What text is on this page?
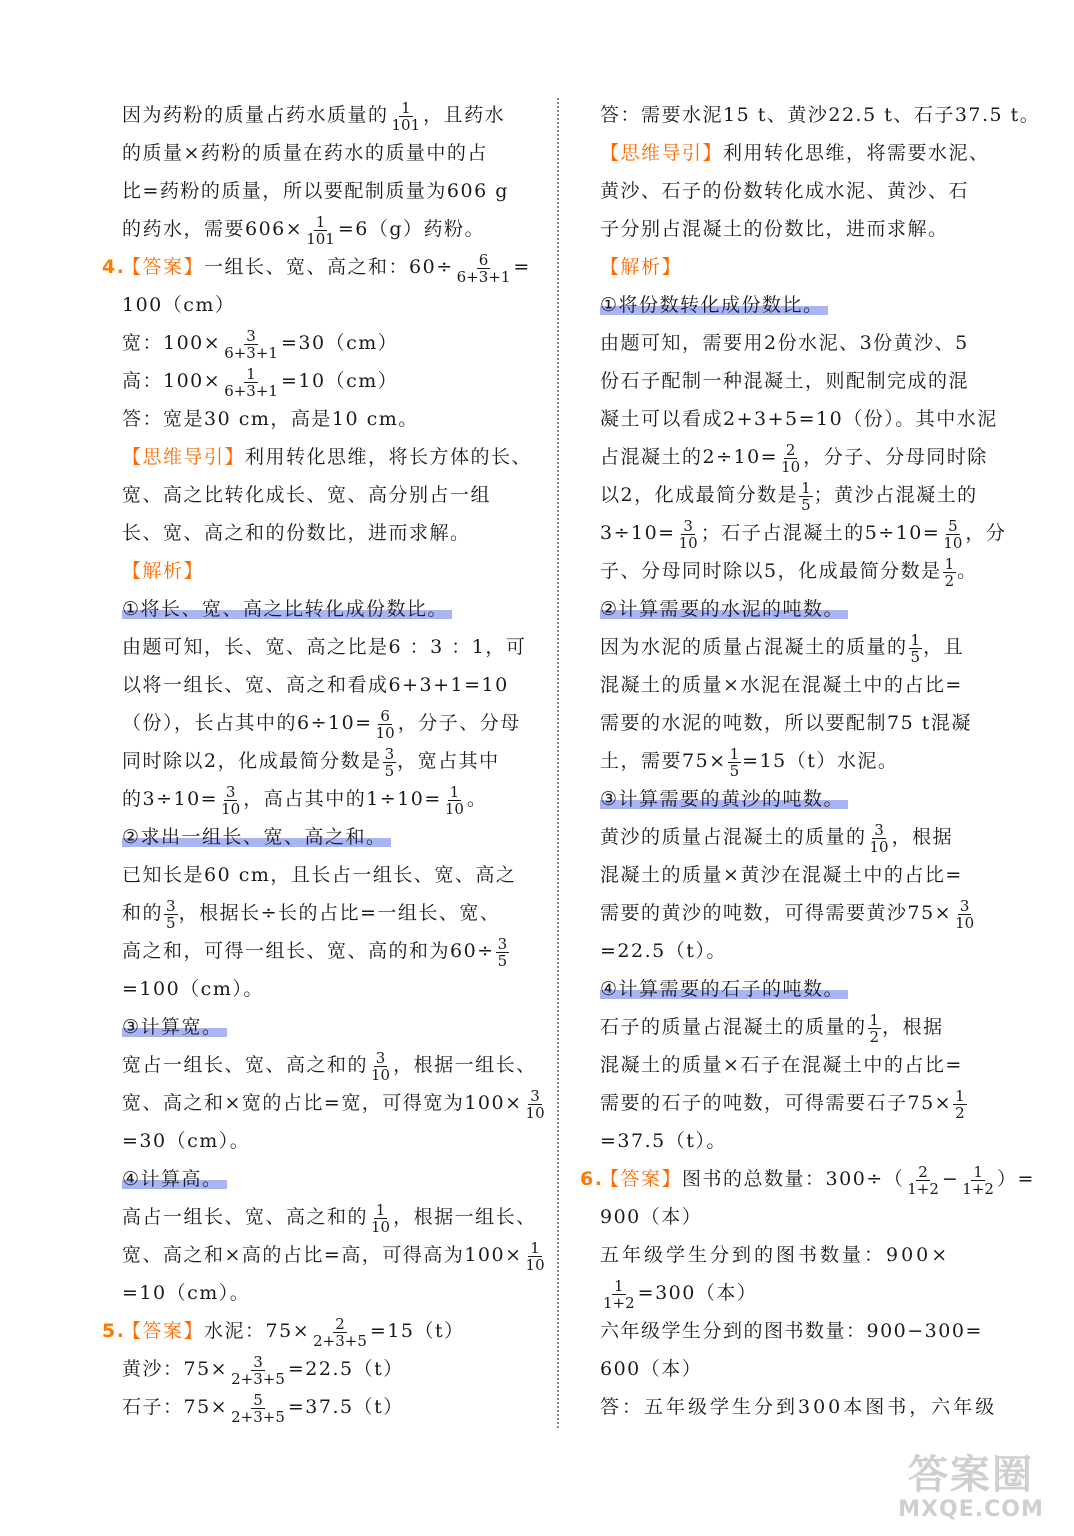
因为药粉的质量占药水质量的 $\frac{1}{101}$ ，且药水
的质量×药粉的质量在药水的质量中的占
比=药粉的质量，所以要配制质量为606 g
的药水，需要$606\times \frac{1}{101} =6(g)$药粉。
4.【答案】一组长、宽、高之和：$60\div \frac{6}{6+3+1}$ =
100（cm）
宽：$100\times \frac{3}{6+3+1} =30(cm)$
高：$100\times \frac{1}{6+3+1} =10(cm)$
答：宽是30 cm，高是10 cm。
【思维导引】利用转化思维，将长方体的长、
宽、高之比转化成长、宽、高分别占一组
长、宽、高之和的份数比，进而求解。
【解析】
①将长、宽、高之比转化成份数比。
由题可知，长、宽、高之比是6 ：3 ：1，可
以将一组长、宽、高之和看成6+3+1=10
（份），长占其中的$6\div 10= \frac{6}{10}$ ，分子、分母
同时除以2，化成最简分数是 $\frac{3}{5}$ ，宽占其中
的$3\div 10= \frac{3}{10}$ ，高占其中的$1\div 10= \frac{1}{10}$ 。
②求出一组长、宽、高之和。
已知长是60 cm，且长占一组长、宽、高之
和的 $\frac{3}{5}$ ，根据长÷长的占比=一组长、宽、
高之和，可得一组长、宽、高的和为$60\div \frac{3}{5}$
=100（cm）。
③计算宽。
宽占一组长、宽、高之和的 $\frac{3}{10}$ ，根据一组长、
宽、高之和×宽的占比=宽，可得宽为$100\times \frac{3}{10}$
=30（cm）。
④计算高。
高占一组长、宽、高之和的 $\frac{1}{10}$ ，根据一组长、
宽、高之和×高的占比=高，可得高为$100\times \frac{1}{10}$
=10（cm）。
5.【答案】水泥：$75\times \frac{2}{2+3+5} =15(t)$
黄沙：$75\times \frac{3}{2+3+5} =22.5(t)$
石子：$75\times \frac{5}{2+3+5} =37.5(t)$
答：需要水泥15 t、黄沙22.5 t、石子37.5 t。
【思维导引】利用转化思维，将需要水泥、
黄沙、石子的份数转化成水泥、黄沙、石
子分别占混凝土的份数比，进而求解。
【解析】
①将份数转化成份数比。
由题可知，需要用2份水泥、3份黄沙、5
份石子配制一种混凝土，则配制完成的混
凝土可以看成2+3+5=10（份）。其中水泥
占混凝土的$2\div 10= \frac{2}{10}$ ，分子、分母同时除
以2，化成最简分数是 $\frac{1}{5}$ ；黄沙占混凝土的
$3\div 10= \frac{3}{10}$ ；石子占混凝土的$5\div 10= \frac{5}{10}$ ，分
子、分母同时除以5，化成最简分数是 $\frac{1}{2}$ 。
②计算需要的水泥的吨数。
因为水泥的质量占混凝土的质量的 $\frac{1}{5}$ ，且
混凝土的质量×水泥在混凝土中的占比=
需要的水泥的吨数，所以要配制75 t混凝
土，需要$75\times \frac{1}{5} =15(t)$水泥。
③计算需要的黄沙的吨数。
黄沙的质量占混凝土的质量的 $\frac{3}{10}$ ，根据
混凝土的质量×黄沙在混凝土中的占比=
需要的黄沙的吨数，可得需要黄沙$75\times \frac{3}{10}$
=22.5（t）。
④计算需要的石子的吨数。
石子的质量占混凝土的质量的 $\frac{1}{2}$ ，根据
混凝土的质量×石子在混凝土中的占比=
需要的石子的吨数，可得需要石子$75\times \frac{1}{2}$
=37.5（t）。
6.【答案】图书的总数量：$300\div( \frac{2}{1+2} - \frac{1}{1+2}$ ）=
900（本）
五年级学生分到的图书数量：900×
$\frac{1}{1+2} =300$（本）
六年级学生分到的图书数量：900−300=
600（本）
答：五年级学生分到300本图书，六年级
答案圈
MXQE.COM
